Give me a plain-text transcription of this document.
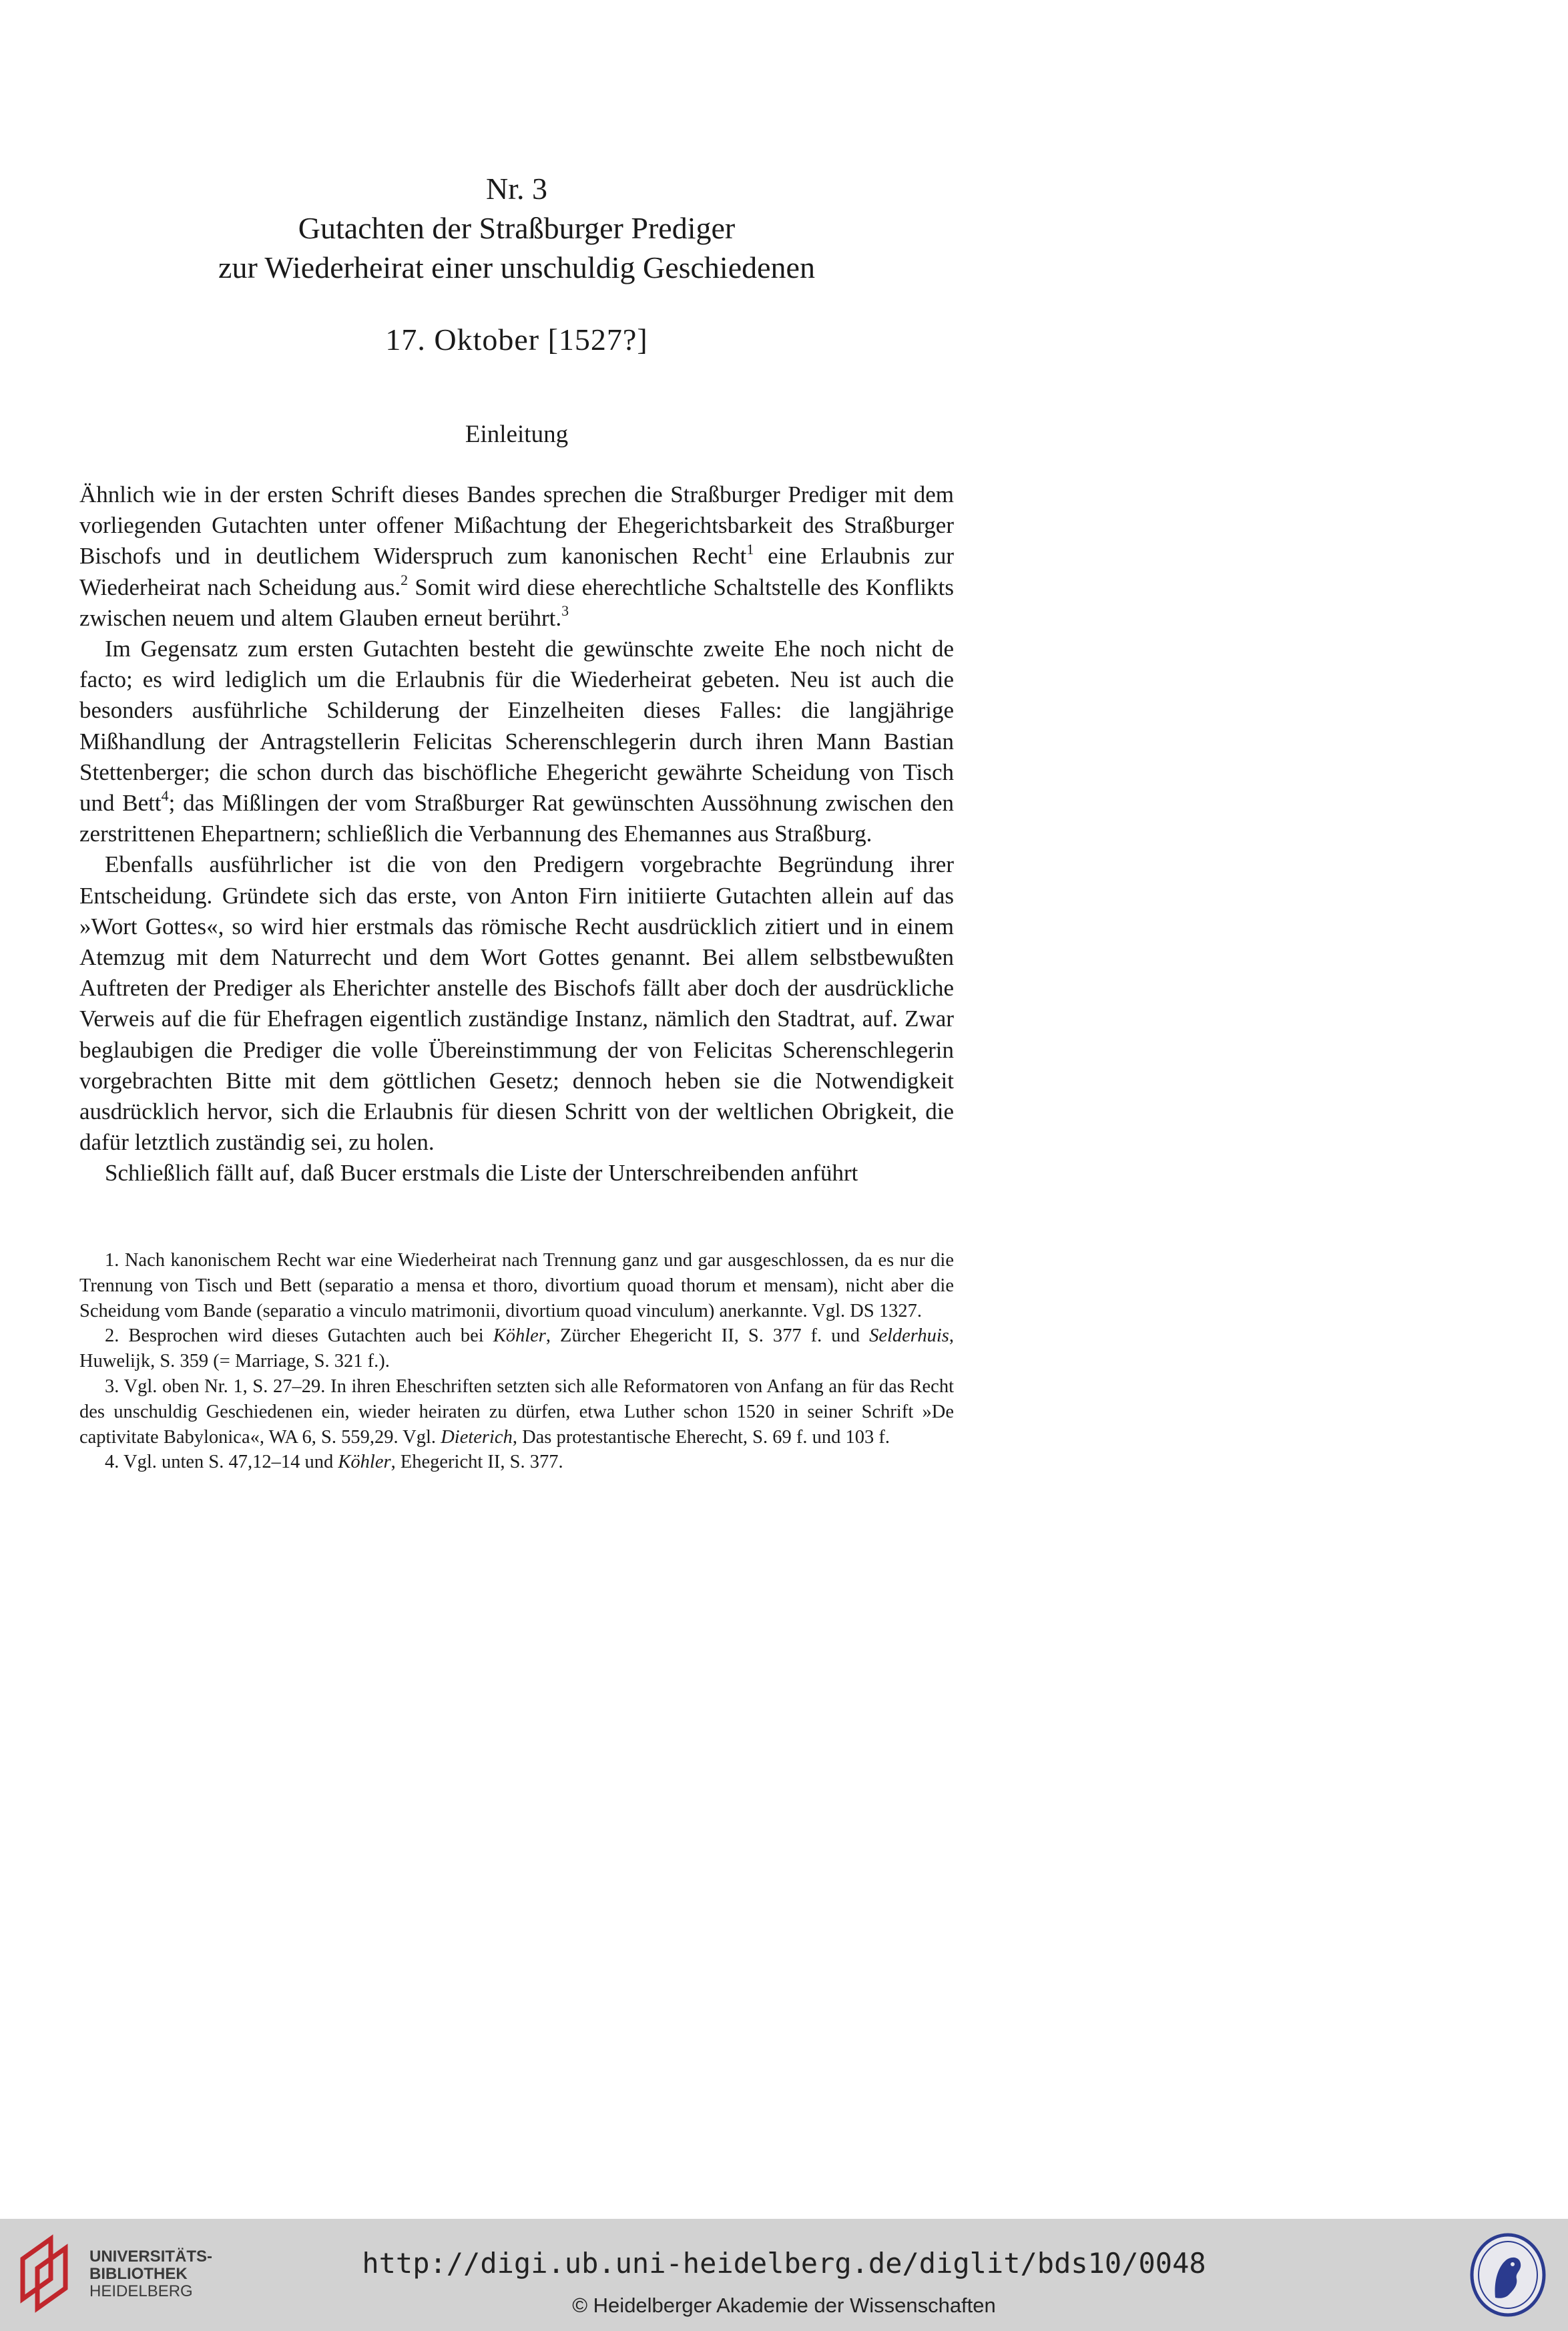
Nr. 3
Gutachten der Straßburger Prediger
zur Wiederheirat einer unschuldig Geschiedenen
17. Oktober [1527?]
Einleitung

Ähnlich wie in der ersten Schrift dieses Bandes sprechen die Straßburger Prediger mit dem vorliegenden Gutachten unter offener Mißachtung der Ehegerichtsbarkeit des Straßburger Bischofs und in deutlichem Widerspruch zum kanonischen Recht$^1$ eine Erlaubnis zur Wiederheirat nach Scheidung aus.$^2$ Somit wird diese eherechtliche Schaltstelle des Konflikts zwischen neuem und altem Glauben erneut berührt.$^3$

Im Gegensatz zum ersten Gutachten besteht die gewünschte zweite Ehe noch nicht de facto; es wird lediglich um die Erlaubnis für die Wiederheirat gebeten. Neu ist auch die besonders ausführliche Schilderung der Einzelheiten dieses Falles: die langjährige Mißhandlung der Antragstellerin Felicitas Scherenschlegerin durch ihren Mann Bastian Stettenberger; die schon durch das bischöfliche Ehegericht gewährte Scheidung von Tisch und Bett$^4$; das Mißlingen der vom Straßburger Rat gewünschten Aussöhnung zwischen den zerstrittenen Ehepartnern; schließlich die Verbannung des Ehemannes aus Straßburg.

Ebenfalls ausführlicher ist die von den Predigern vorgebrachte Begründung ihrer Entscheidung. Gründete sich das erste, von Anton Firn initiierte Gutachten allein auf das »Wort Gottes«, so wird hier erstmals das römische Recht ausdrücklich zitiert und in einem Atemzug mit dem Naturrecht und dem Wort Gottes genannt. Bei allem selbstbewußten Auftreten der Prediger als Eherichter anstelle des Bischofs fällt aber doch der ausdrückliche Verweis auf die für Ehefragen eigentlich zuständige Instanz, nämlich den Stadtrat, auf. Zwar beglaubigen die Prediger die volle Übereinstimmung der von Felicitas Scherenschlegerin vorgebrachten Bitte mit dem göttlichen Gesetz; dennoch heben sie die Notwendigkeit ausdrücklich hervor, sich die Erlaubnis für diesen Schritt von der weltlichen Obrigkeit, die dafür letztlich zuständig sei, zu holen.

Schließlich fällt auf, daß Bucer erstmals die Liste der Unterschreibenden anführt

1. Nach kanonischem Recht war eine Wiederheirat nach Trennung ganz und gar ausgeschlossen, da es nur die Trennung von Tisch und Bett (separatio a mensa et thoro, divortium quoad thorum et mensam), nicht aber die Scheidung vom Bande (separatio a vinculo matrimonii, divortium quoad vinculum) anerkannte. Vgl. DS 1327.

2. Besprochen wird dieses Gutachten auch bei Köhler, Zürcher Ehegericht II, S. 377 f. und Selderhuis, Huwelijk, S. 359 (= Marriage, S. 321 f.).

3. Vgl. oben Nr. 1, S. 27–29. In ihren Eheschriften setzten sich alle Reformatoren von Anfang an für das Recht des unschuldig Geschiedenen ein, wieder heiraten zu dürfen, etwa Luther schon 1520 in seiner Schrift »De captivitate Babylonica«, WA 6, S. 559,29. Vgl. Dieterich, Das protestantische Eherecht, S. 69 f. und 103 f.

4. Vgl. unten S. 47,12–14 und Köhler, Ehegericht II, S. 377.

UNIVERSITÄTS-
BIBLIOTHEK
HEIDELBERG
http://digi.ub.uni-heidelberg.de/diglit/bds10/0048
© Heidelberger Akademie der Wissenschaften
